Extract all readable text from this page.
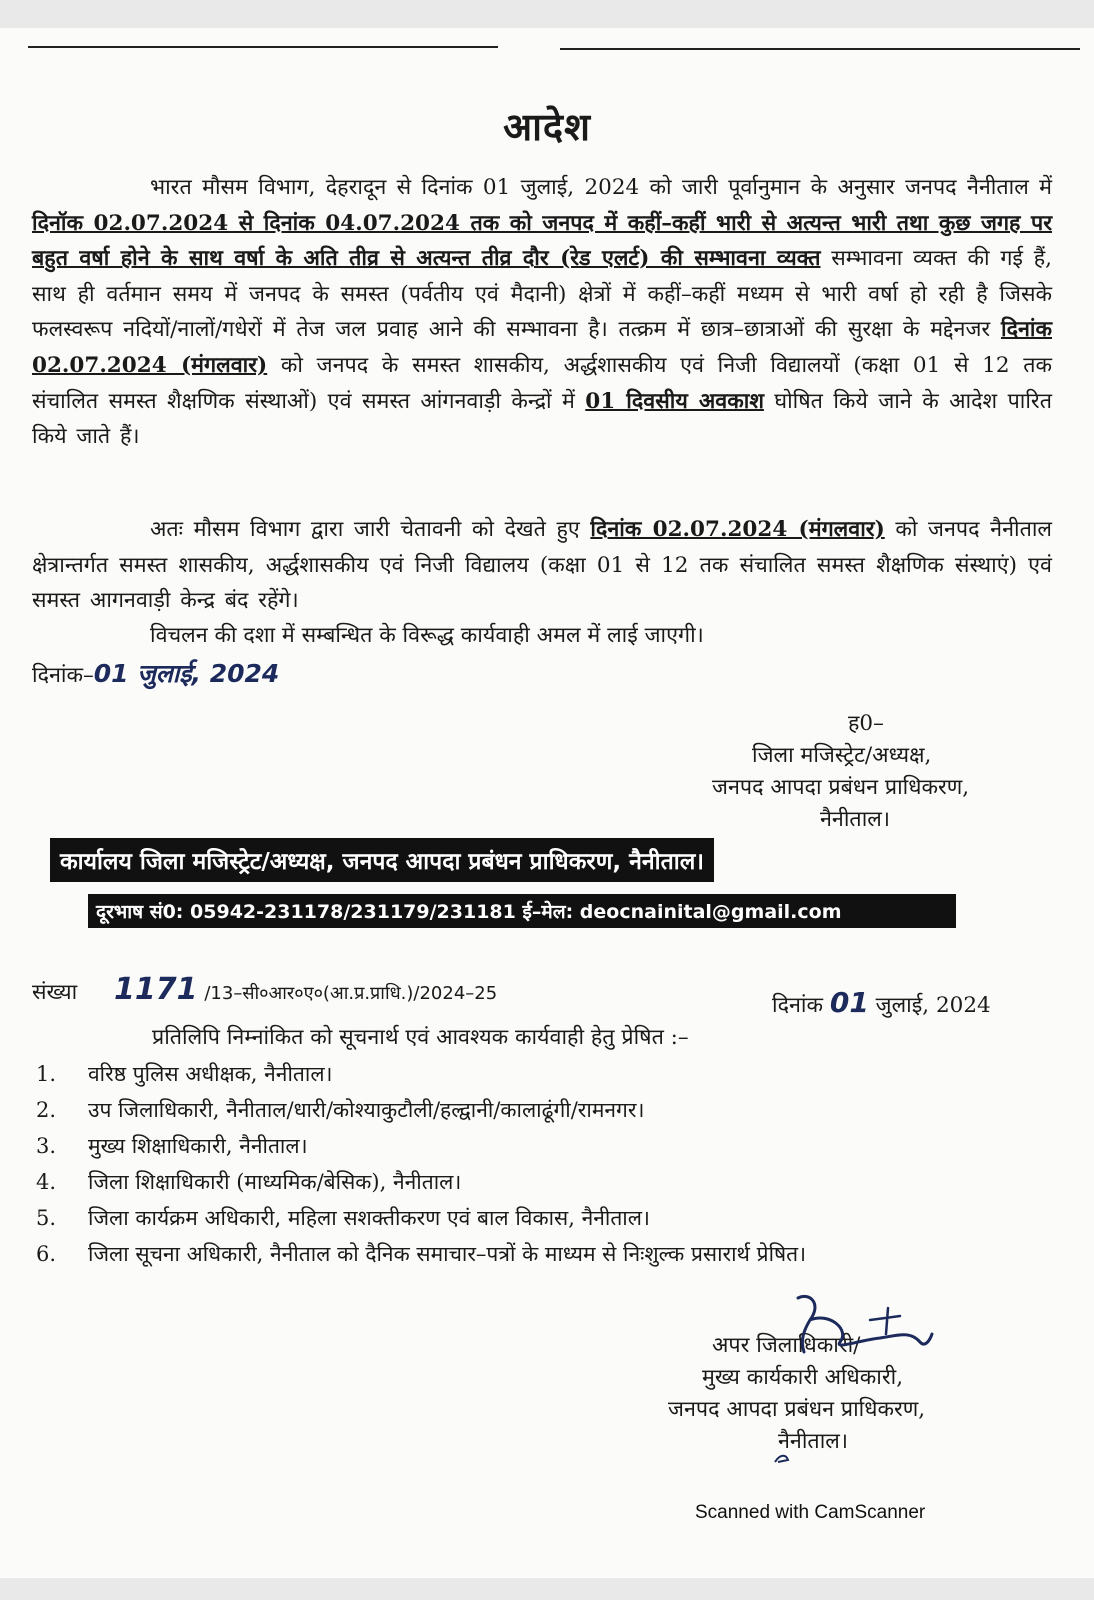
आदेश
भारत मौसम विभाग, देहरादून से दिनांक 01 जुलाई, 2024 को जारी पूर्वानुमान के अनुसार जनपद नैनीताल में दिनॉक 02.07.2024 से दिनांक 04.07.2024 तक को जनपद में कहीं–कहीं भारी से अत्यन्त भारी तथा कुछ जगह पर बहुत वर्षा होने के साथ वर्षा के अति तीव्र से अत्यन्त तीव्र दौर (रेड एलर्ट) की सम्भावना व्यक्त सम्भावना व्यक्त की गई हैं, साथ ही वर्तमान समय में जनपद के समस्त (पर्वतीय एवं मैदानी) क्षेत्रों में कहीं–कहीं मध्यम से भारी वर्षा हो रही है जिसके फलस्वरूप नदियों/नालों/गधेरों में तेज जल प्रवाह आने की सम्भावना है। तत्क्रम में छात्र–छात्राओं की सुरक्षा के मद्देनजर दिनांक 02.07.2024 (मंगलवार) को जनपद के समस्त शासकीय, अर्द्धशासकीय एवं निजी विद्यालयों (कक्षा 01 से 12 तक संचालित समस्त शैक्षणिक संस्थाओं) एवं समस्त आंगनवाड़ी केन्द्रों में 01 दिवसीय अवकाश घोषित किये जाने के आदेश पारित किये जाते हैं।
अतः मौसम विभाग द्वारा जारी चेतावनी को देखते हुए दिनांक 02.07.2024 (मंगलवार) को जनपद नैनीताल क्षेत्रान्तर्गत समस्त शासकीय, अर्द्धशासकीय एवं निजी विद्यालय (कक्षा 01 से 12 तक संचालित समस्त शैक्षणिक संस्थाएं) एवं समस्त आगनवाड़ी केन्द्र बंद रहेंगे।
विचलन की दशा में सम्बन्धित के विरूद्ध कार्यवाही अमल में लाई जाएगी।
दिनांक–01 जुलाई, 2024
ह0–
जिला मजिस्ट्रेट/अध्यक्ष,
जनपद आपदा प्रबंधन प्राधिकरण,
नैनीताल।
कार्यालय जिला मजिस्ट्रेट/अध्यक्ष, जनपद आपदा प्रबंधन प्राधिकरण, नैनीताल।
दूरभाष सं0: 05942-231178/231179/231181 ई–मेल: deocnainital@gmail.com
संख्या 1171 /13–सी०आर०ए०(आ.प्र.प्राधि.)/2024–25	दिनांक 01 जुलाई, 2024
प्रतिलिपि निम्नांकित को सूचनार्थ एवं आवश्यक कार्यवाही हेतु प्रेषित :–
1. वरिष्ठ पुलिस अधीक्षक, नैनीताल।
2. उप जिलाधिकारी, नैनीताल/धारी/कोश्याकुटौली/हल्द्वानी/कालाढूंगी/रामनगर।
3. मुख्य शिक्षाधिकारी, नैनीताल।
4. जिला शिक्षाधिकारी (माध्यमिक/बेसिक), नैनीताल।
5. जिला कार्यक्रम अधिकारी, महिला सशक्तीकरण एवं बाल विकास, नैनीताल।
6. जिला सूचना अधिकारी, नैनीताल को दैनिक समाचार–पत्रों के माध्यम से निःशुल्क प्रसारार्थ प्रेषित।
अपर जिलाधिकारी/
मुख्य कार्यकारी अधिकारी,
जनपद आपदा प्रबंधन प्राधिकरण,
नैनीताल।
Scanned with CamScanner
